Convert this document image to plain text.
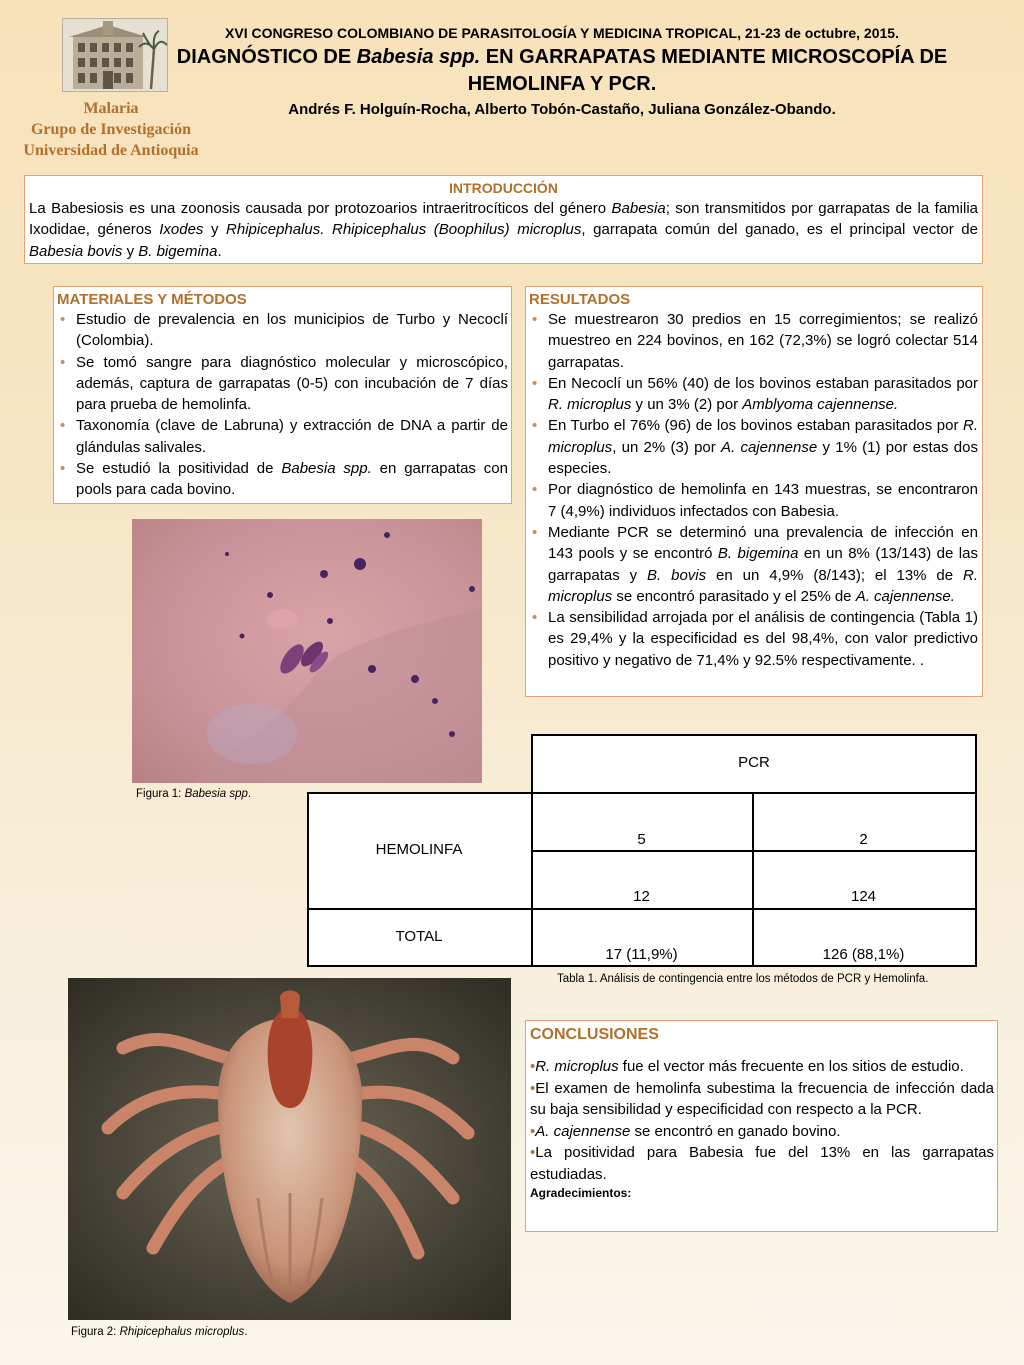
Malaria
Grupo de Investigación
Universidad de Antioquia
XVI CONGRESO COLOMBIANO DE PARASITOLOGÍA Y MEDICINA TROPICAL, 21-23 de octubre, 2015.
DIAGNÓSTICO DE Babesia spp. EN GARRAPATAS MEDIANTE MICROSCOPÍA DE HEMOLINFA Y PCR.
Andrés F. Holguín-Rocha, Alberto Tobón-Castaño, Juliana González-Obando.
INTRODUCCIÓN
La Babesiosis es una zoonosis causada por protozoarios intraeritrocíticos del género Babesia; son transmitidos por garrapatas de la familia Ixodidae, géneros Ixodes y Rhipicephalus. Rhipicephalus (Boophilus) microplus, garrapata común del ganado, es el principal vector de Babesia bovis y B. bigemina.
MATERIALES Y MÉTODOS
• Estudio de prevalencia en los municipios de Turbo y Necoclí (Colombia).
• Se tomó sangre para diagnóstico molecular y microscópico, además, captura de garrapatas (0-5) con incubación de 7 días para prueba de hemolinfa.
• Taxonomía (clave de Labruna) y extracción de DNA a partir de glándulas salivales.
• Se estudió la positividad de Babesia spp. en garrapatas con pools para cada bovino.
RESULTADOS
• Se muestrearon 30 predios en 15 corregimientos; se realizó muestreo en 224 bovinos, en 162 (72,3%) se logró colectar 514 garrapatas.
• En Necoclí un 56% (40) de los bovinos estaban parasitados por R. microplus y un 3% (2) por Amblyoma cajennense.
• En Turbo el 76% (96) de los bovinos estaban parasitados por R. microplus, un 2% (3) por A. cajennense y 1% (1) por estas dos especies.
• Por diagnóstico de hemolinfa en 143 muestras, se encontraron 7 (4,9%) individuos infectados con Babesia.
• Mediante PCR se determinó una prevalencia de infección en 143 pools y se encontró B. bigemina en un 8% (13/143) de las garrapatas y B. bovis en un 4,9% (8/143); el 13% de R. microplus se encontró parasitado y el 25% de A. cajennense.
• La sensibilidad arrojada por el análisis de contingencia (Tabla 1) es 29,4% y la especificidad es del 98,4%, con valor predictivo positivo y negativo de 71,4% y 92.5% respectivamente. .
Figura 1: Babesia spp.
PCR
HEMOLINFA
5	2
12	124
TOTAL
17 (11,9%)	126 (88,1%)
Tabla 1. Análisis de contingencia entre los métodos de PCR y Hemolinfa.
Figura 2: Rhipicephalus microplus.
CONCLUSIONES

•R. microplus fue el vector más frecuente en los sitios de estudio.

•El examen de hemolinfa subestima la frecuencia de infección dada su baja sensibilidad y especificidad con respecto a la PCR.

•A. cajennense se encontró en ganado bovino.

•La positividad para Babesia fue del 13% en las garrapatas estudiadas.

Agradecimientos:
